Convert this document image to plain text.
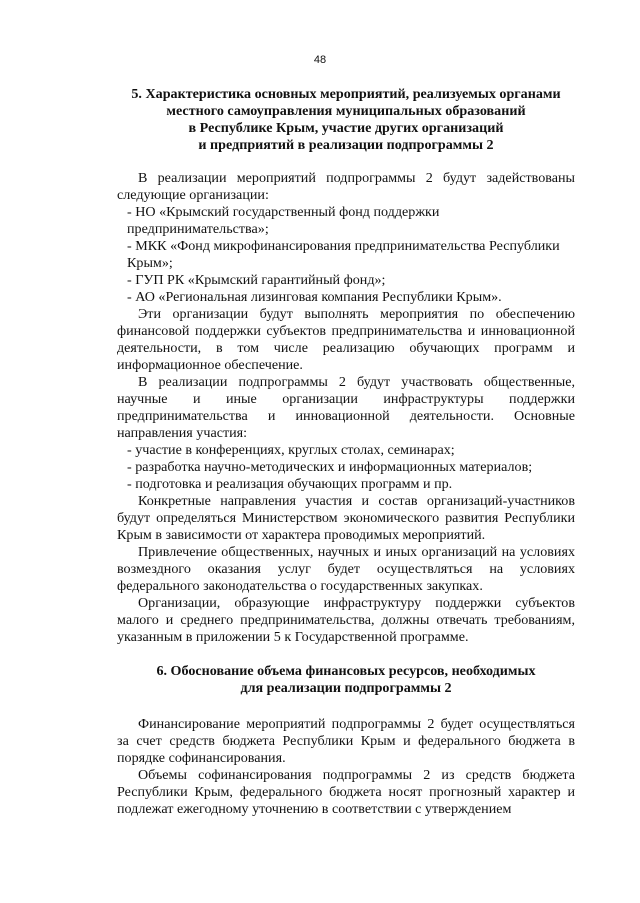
48
5. Характеристика основных мероприятий, реализуемых органами
местного самоуправления муниципальных образований
в Республике Крым, участие других организаций
и предприятий в реализации подпрограммы 2
В реализации мероприятий подпрограммы 2 будут задействованы следующие организации:
- НО «Крымский государственный фонд поддержки предпринимательства»;
- МКК «Фонд микрофинансирования предпринимательства Республики Крым»;
- ГУП РК «Крымский гарантийный фонд»;
- АО «Региональная лизинговая компания Республики Крым».
Эти организации будут выполнять мероприятия по обеспечению финансовой поддержки субъектов предпринимательства и инновационной деятельности, в том числе реализацию обучающих программ и информационное обеспечение.
В реализации подпрограммы 2 будут участвовать общественные, научные и иные организации инфраструктуры поддержки предпринимательства и инновационной деятельности. Основные направления участия:
- участие в конференциях, круглых столах, семинарах;
- разработка научно-методических и информационных материалов;
- подготовка и реализация обучающих программ и пр.
Конкретные направления участия и состав организаций-участников будут определяться Министерством экономического развития Республики Крым в зависимости от характера проводимых мероприятий.
Привлечение общественных, научных и иных организаций на условиях возмездного оказания услуг будет осуществляться на условиях федерального законодательства о государственных закупках.
Организации, образующие инфраструктуру поддержки субъектов малого и среднего предпринимательства, должны отвечать требованиям, указанным в приложении 5 к Государственной программе.
6. Обоснование объема финансовых ресурсов, необходимых
для реализации подпрограммы 2
Финансирование мероприятий подпрограммы 2 будет осуществляться за счет средств бюджета Республики Крым и федерального бюджета в порядке софинансирования.
Объемы софинансирования подпрограммы 2 из средств бюджета Республики Крым, федерального бюджета носят прогнозный характер и подлежат ежегодному уточнению в соответствии с утверждением
